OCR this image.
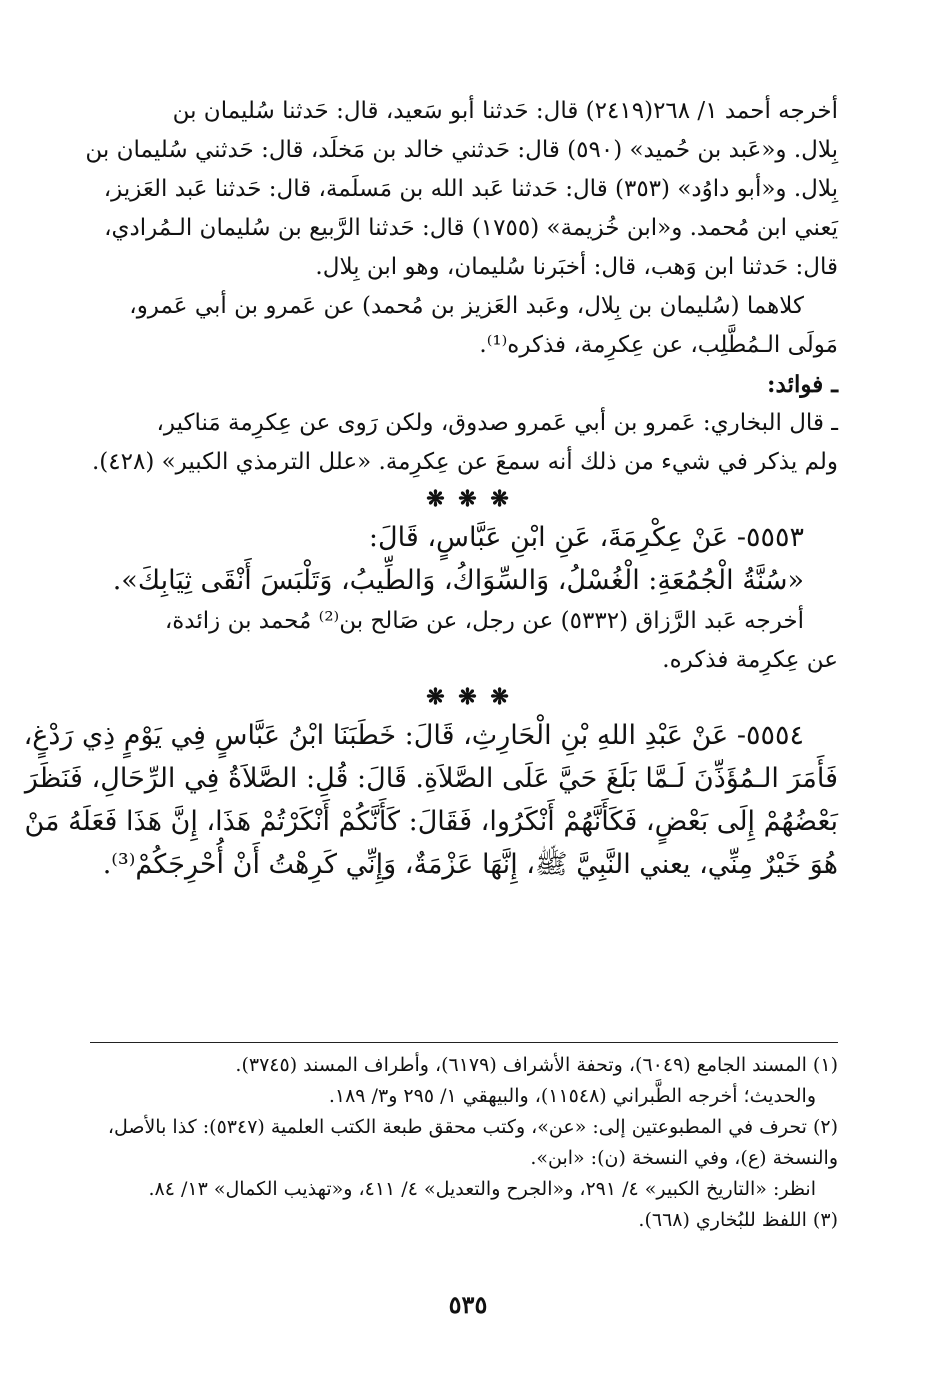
أخرجه أحمد ١/ ٢٦٨(٢٤١٩) قال: حَدثنا أبو سَعيد، قال: حَدثنا سُليمان بن
بِلال. و«عَبد بن حُميد» (٥٩٠) قال: حَدثني خالد بن مَخلَد، قال: حَدثني سُليمان بن
بِلال. و«أبو داوُد» (٣٥٣) قال: حَدثنا عَبد الله بن مَسلَمة، قال: حَدثنا عَبد العَزيز،
يَعني ابن مُحمد. و«ابن خُزيمة» (١٧٥٥) قال: حَدثنا الرَّبيع بن سُليمان الـمُرادي،
قال: حَدثنا ابن وَهب، قال: أخبَرنا سُليمان، وهو ابن بِلال.
كلاهما (سُليمان بن بِلال، وعَبد العَزيز بن مُحمد) عن عَمرو بن أبي عَمرو،
مَولَى الـمُطَّلِب، عن عِكرِمة، فذكره⁽¹⁾.
ـ فوائد:
ـ قال البخاري: عَمرو بن أبي عَمرو صدوق، ولكن رَوى عن عِكرِمة مَناكير،
ولم يذكر في شيء من ذلك أنه سمعَ عن عِكرِمة. «علل الترمذي الكبير» (٤٢٨).
❋ ❋ ❋
٥٥٥٣- عَنْ عِكْرِمَةَ، عَنِ ابْنِ عَبَّاسٍ، قَالَ:
«سُنَّةُ الْجُمُعَةِ: الْغُسْلُ، وَالسِّوَاكُ، وَالطِّيبُ، وَتَلْبَسَ أَنْقَى ثِيَابِكَ».
أخرجه عَبد الرَّزاق (٥٣٣٢) عن رجل، عن صَالح بن⁽²⁾ مُحمد بن زائدة،
عن عِكرِمة فذكره.
❋ ❋ ❋
٥٥٥٤- عَنْ عَبْدِ اللهِ بْنِ الْحَارِثِ، قَالَ: خَطَبَنَا ابْنُ عَبَّاسٍ فِي يَوْمٍ ذِي رَدْغٍ،
فَأَمَرَ الـمُؤَذِّنَ لَـمَّا بَلَغَ حَيَّ عَلَى الصَّلاَةِ. قَالَ: قُلِ: الصَّلاَةُ فِي الرِّحَالِ، فَنَظَرَ
بَعْضُهُمْ إِلَى بَعْضٍ، فَكَأَنَّهُمْ أَنْكَرُوا، فَقَالَ: كَأَنَّكُمْ أَنْكَرْتُمْ هَذَا، إِنَّ هَذَا فَعَلَهُ مَنْ
هُوَ خَيْرٌ مِنِّي، يعني النَّبِيَّ ﷺ، إِنَّهَا عَزْمَةٌ، وَإِنِّي كَرِهْتُ أَنْ أُحْرِجَكُمْ⁽³⁾.
(١) المسند الجامع (٦٠٤٩)، وتحفة الأشراف (٦١٧٩)، وأطراف المسند (٣٧٤٥).
والحديث؛ أخرجه الطَّبراني (١١٥٤٨)، والبيهقي ١/ ٢٩٥ و٣/ ١٨٩.
(٢) تحرف في المطبوعتين إلى: «عن»، وكتب محقق طبعة الكتب العلمية (٥٣٤٧): كذا بالأصل،
والنسخة (ع)، وفي النسخة (ن): «ابن».
انظر: «التاريخ الكبير» ٤/ ٢٩١، و«الجرح والتعديل» ٤/ ٤١١، و«تهذيب الكمال» ١٣/ ٨٤.
(٣) اللفظ للبُخاري (٦٦٨).
٥٣٥
